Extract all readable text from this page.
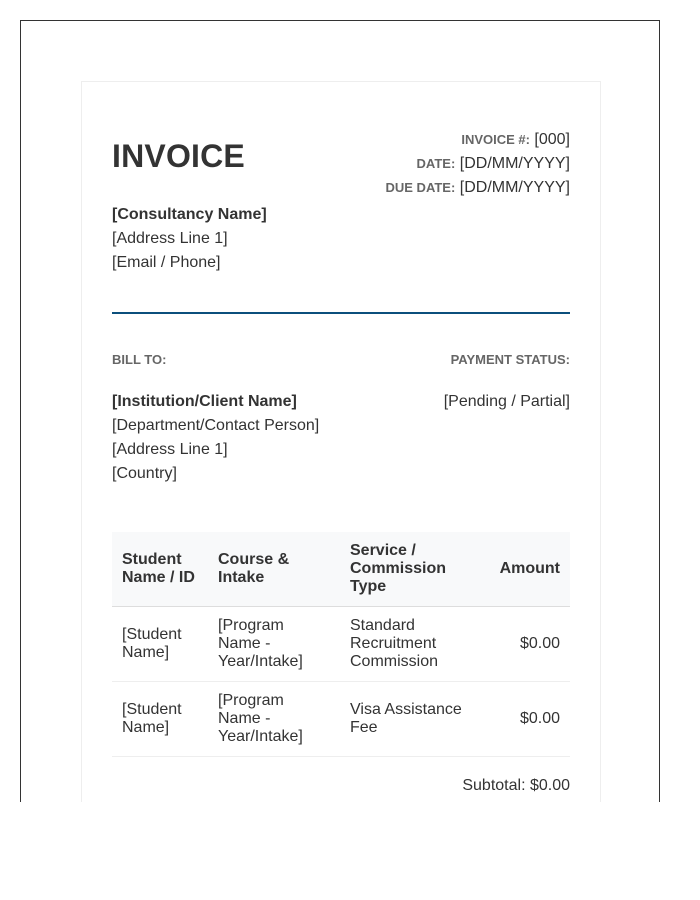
INVOICE	INVOICE #: [000]
DATE: [DD/MM/YYYY]
DUE DATE: [DD/MM/YYYY]
[Consultancy Name]
[Address Line 1]
[Email / Phone]
BILL TO:
[Institution/Client Name]
[Department/Contact Person]
[Address Line 1]
[Country]
PAYMENT STATUS:
[Pending / Partial]
Student Name / ID	Course & Intake	Service / Commission Type	Amount
[Student Name]	[Program Name - Year/Intake]	Standard Recruitment Commission	$0.00
[Student Name]	[Program Name - Year/Intake]	Visa Assistance Fee	$0.00
Subtotal: $0.00
